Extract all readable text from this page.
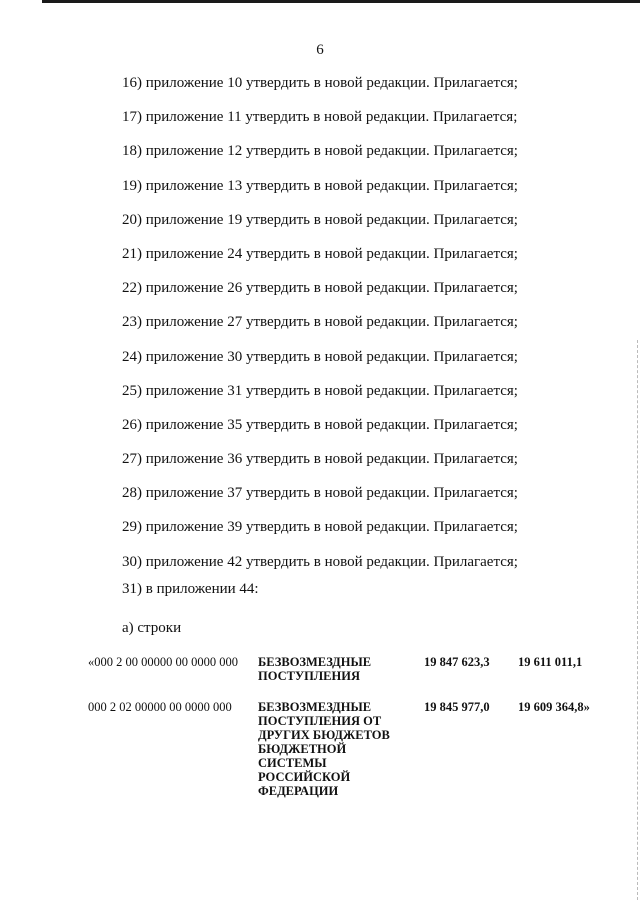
6
16) приложение 10 утвердить в новой редакции. Прилагается;
17) приложение 11 утвердить в новой редакции. Прилагается;
18) приложение 12 утвердить в новой редакции. Прилагается;
19) приложение 13 утвердить в новой редакции. Прилагается;
20) приложение 19 утвердить в новой редакции. Прилагается;
21) приложение 24 утвердить в новой редакции. Прилагается;
22) приложение 26 утвердить в новой редакции. Прилагается;
23) приложение 27 утвердить в новой редакции. Прилагается;
24) приложение 30 утвердить в новой редакции. Прилагается;
25) приложение 31 утвердить в новой редакции. Прилагается;
26) приложение 35 утвердить в новой редакции. Прилагается;
27) приложение 36 утвердить в новой редакции. Прилагается;
28) приложение 37 утвердить в новой редакции. Прилагается;
29) приложение 39 утвердить в новой редакции. Прилагается;
30) приложение 42 утвердить в новой редакции. Прилагается;
31) в приложении 44:
а) строки
«000 2 00 00000 00 0000 000 БЕЗВОЗМЕЗДНЫЕ
ПОСТУПЛЕНИЯ
19 847 623,3 19 611 011,1
000 2 02 00000 00 0000 000 БЕЗВОЗМЕЗДНЫЕ
ПОСТУПЛЕНИЯ ОТ
ДРУГИХ БЮДЖЕТОВ
БЮДЖЕТНОЙ
СИСТЕМЫ
РОССИЙСКОЙ
ФЕДЕРАЦИИ
19 845 977,0 19 609 364,8»
